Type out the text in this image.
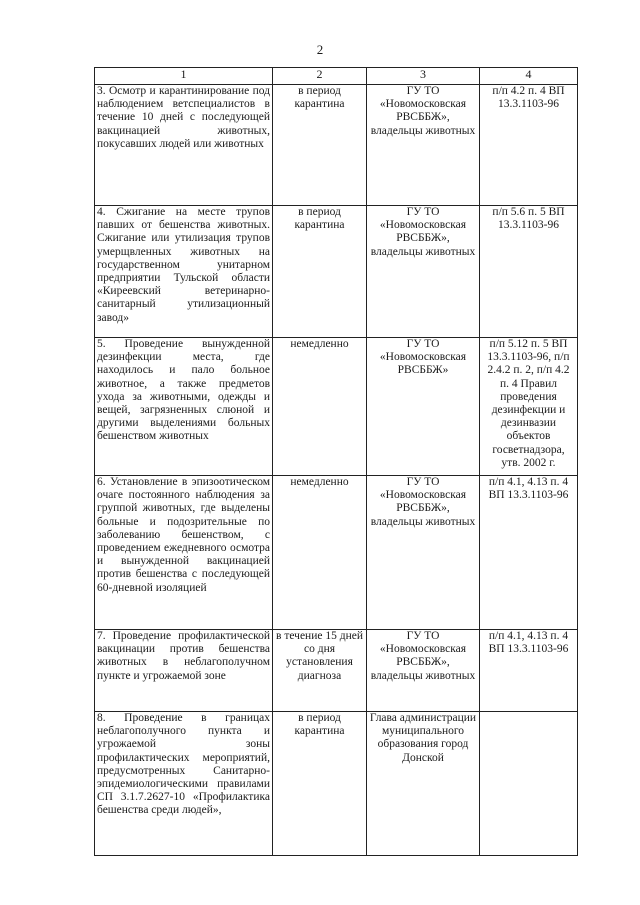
2
1	2	3	4
3. Осмотр и карантинирование под наблюдением ветспециалистов в течение 10 дней с последующей вакцинацией животных, покусавших людей или животных	в период карантина	ГУ ТО «Новомосковская РВСББЖ», владельцы животных	п/п 4.2 п. 4 ВП 13.3.1103-96
4. Сжигание на месте трупов павших от бешенства животных. Сжигание или утилизация трупов умерщвленных животных на государственном унитарном предприятии Тульской области «Киреевский ветеринарно-санитарный утилизационный завод»	в период карантина	ГУ ТО «Новомосковская РВСББЖ», владельцы животных	п/п 5.6 п. 5 ВП 13.3.1103-96
5. Проведение вынужденной дезинфекции места, где находилось и пало больное животное, а также предметов ухода за животными, одежды и вещей, загрязненных слюной и другими выделениями больных бешенством животных	немедленно	ГУ ТО «Новомосковская РВСББЖ»	п/п 5.12 п. 5 ВП 13.3.1103-96, п/п 2.4.2 п. 2, п/п 4.2 п. 4 Правил проведения дезинфекции и дезинвазии объектов госветнадзора, утв. 2002 г.
6. Установление в эпизоотическом очаге постоянного наблюдения за группой животных, где выделены больные и подозрительные по заболеванию бешенством, с проведением ежедневного осмотра и вынужденной вакцинацией против бешенства с последующей 60-дневной изоляцией	немедленно	ГУ ТО «Новомосковская РВСББЖ», владельцы животных	п/п 4.1, 4.13 п. 4 ВП 13.3.1103-96
7. Проведение профилактической вакцинации против бешенства животных в неблагополучном пункте и угрожаемой зоне	в течение 15 дней со дня установления диагноза	ГУ ТО «Новомосковская РВСББЖ», владельцы животных	п/п 4.1, 4.13 п. 4 ВП 13.3.1103-96
8. Проведение в границах неблагополучного пункта и угрожаемой зоны профилактических мероприятий, предусмотренных Санитарно-эпидемиологическими правилами СП 3.1.7.2627-10 «Профилактика бешенства среди людей»,	в период карантина	Глава администрации муниципального образования город Донской	
